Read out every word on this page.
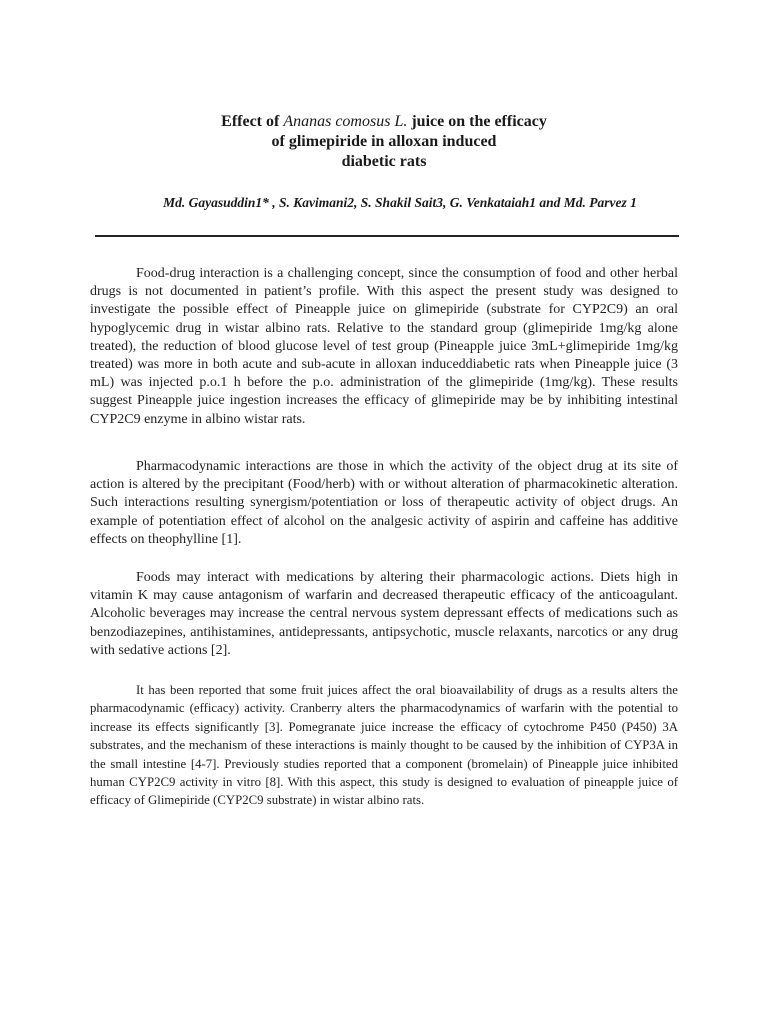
Effect of Ananas comosus L. juice on the efficacy
of glimepiride in alloxan induced
diabetic rats
Md. Gayasuddin1* , S. Kavimani2, S. Shakil Sait3, G. Venkataiah1 and Md. Parvez 1

Food-drug interaction is a challenging concept, since the consumption of food and other herbal drugs is not documented in patient’s profile. With this aspect the present study was designed to investigate the possible effect of Pineapple juice on glimepiride (substrate for CYP2C9) an oral hypoglycemic drug in wistar albino rats. Relative to the standard group (glimepiride 1mg/kg alone treated), the reduction of blood glucose level of test group (Pineapple juice 3mL+glimepiride 1mg/kg treated) was more in both acute and sub-acute in alloxan induceddiabetic rats when Pineapple juice (3 mL) was injected p.o.1 h before the p.o. administration of the glimepiride (1mg/kg). These results suggest Pineapple juice ingestion increases the efficacy of glimepiride may be by inhibiting intestinal CYP2C9 enzyme in albino wistar rats.

Pharmacodynamic interactions are those in which the activity of the object drug at its site of action is altered by the precipitant (Food/herb) with or without alteration of pharmacokinetic alteration. Such interactions resulting synergism/potentiation or loss of therapeutic activity of object drugs. An example of potentiation effect of alcohol on the analgesic activity of aspirin and caffeine has additive effects on theophylline [1].

Foods may interact with medications by altering their pharmacologic actions. Diets high in vitamin K may cause antagonism of warfarin and decreased therapeutic efficacy of the anticoagulant. Alcoholic beverages may increase the central nervous system depressant effects of medications such as benzodiazepines, antihistamines, antidepressants, antipsychotic, muscle relaxants, narcotics or any drug with sedative actions [2].

It has been reported that some fruit juices affect the oral bioavailability of drugs as a results alters the pharmacodynamic (efficacy) activity. Cranberry alters the pharmacodynamics of warfarin with the potential to increase its effects significantly [3]. Pomegranate juice increase the efficacy of cytochrome P450 (P450) 3A substrates, and the mechanism of these interactions is mainly thought to be caused by the inhibition of CYP3A in the small intestine [4-7]. Previously studies reported that a component (bromelain) of Pineapple juice inhibited human CYP2C9 activity in vitro [8]. With this aspect, this study is designed to evaluation of pineapple juice of efficacy of Glimepiride (CYP2C9 substrate) in wistar albino rats.
